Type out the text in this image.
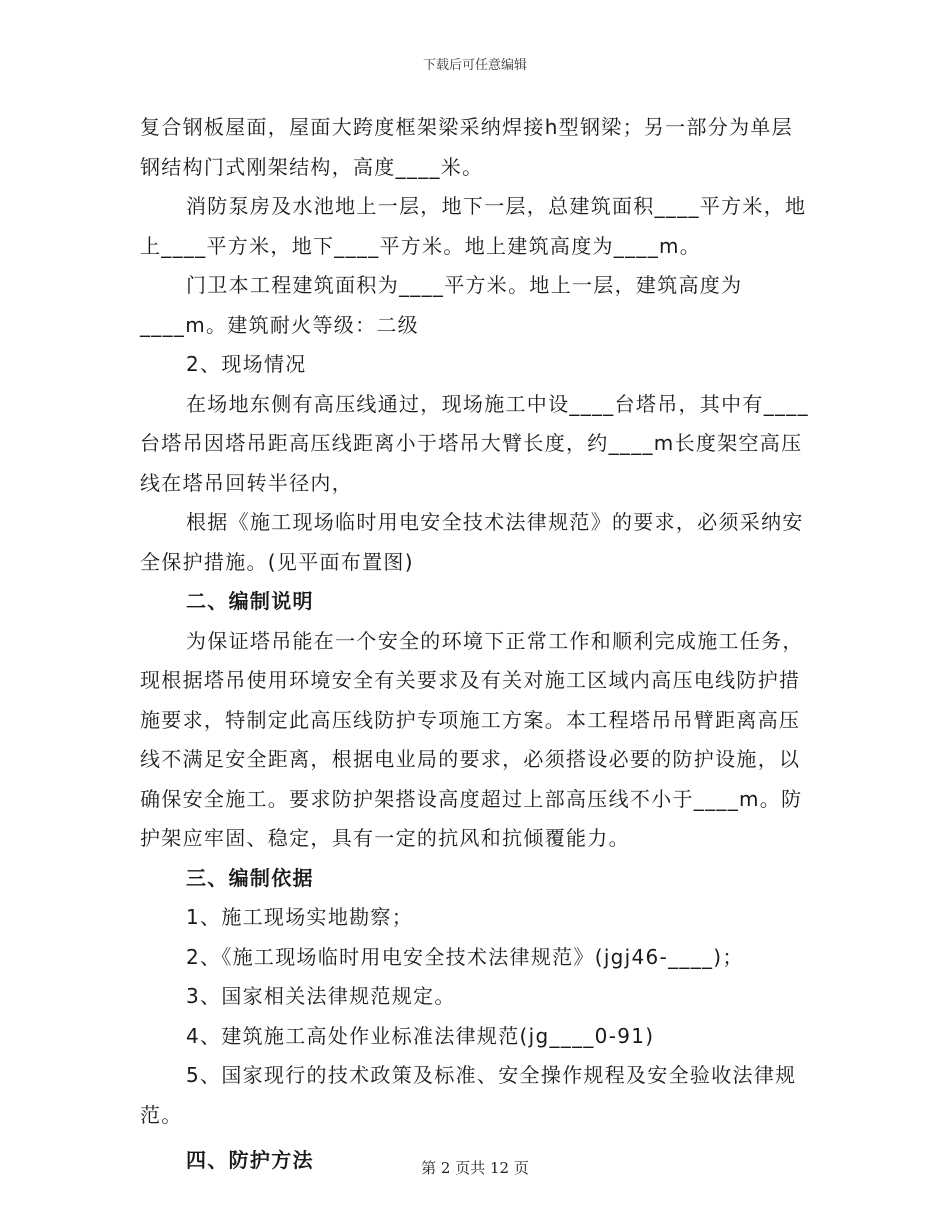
下载后可任意编辑

复合钢板屋面，屋面大跨度框架梁采纳焊接h型钢梁；另一部分为单层钢结构门式刚架结构，高度____米。

消防泵房及水池地上一层，地下一层，总建筑面积____平方米，地上____平方米，地下____平方米。地上建筑高度为____m。

门卫本工程建筑面积为____平方米。地上一层，建筑高度为____m。建筑耐火等级：二级

2、现场情况

在场地东侧有高压线通过，现场施工中设____台塔吊，其中有____台塔吊因塔吊距高压线距离小于塔吊大臂长度，约____m长度架空高压线在塔吊回转半径内，

根据《施工现场临时用电安全技术法律规范》的要求，必须采纳安全保护措施。(见平面布置图)

二、编制说明

为保证塔吊能在一个安全的环境下正常工作和顺利完成施工任务，现根据塔吊使用环境安全有关要求及有关对施工区域内高压电线防护措施要求，特制定此高压线防护专项施工方案。本工程塔吊吊臂距离高压线不满足安全距离，根据电业局的要求，必须搭设必要的防护设施，以确保安全施工。要求防护架搭设高度超过上部高压线不小于____m。防护架应牢固、稳定，具有一定的抗风和抗倾覆能力。

三、编制依据

1、施工现场实地勘察；

2、《施工现场临时用电安全技术法律规范》(jgj46-____)；

3、国家相关法律规范规定。

4、建筑施工高处作业标准法律规范(jg____0-91)

5、国家现行的技术政策及标准、安全操作规程及安全验收法律规范。

四、防护方法	第 2 页共 12 页
